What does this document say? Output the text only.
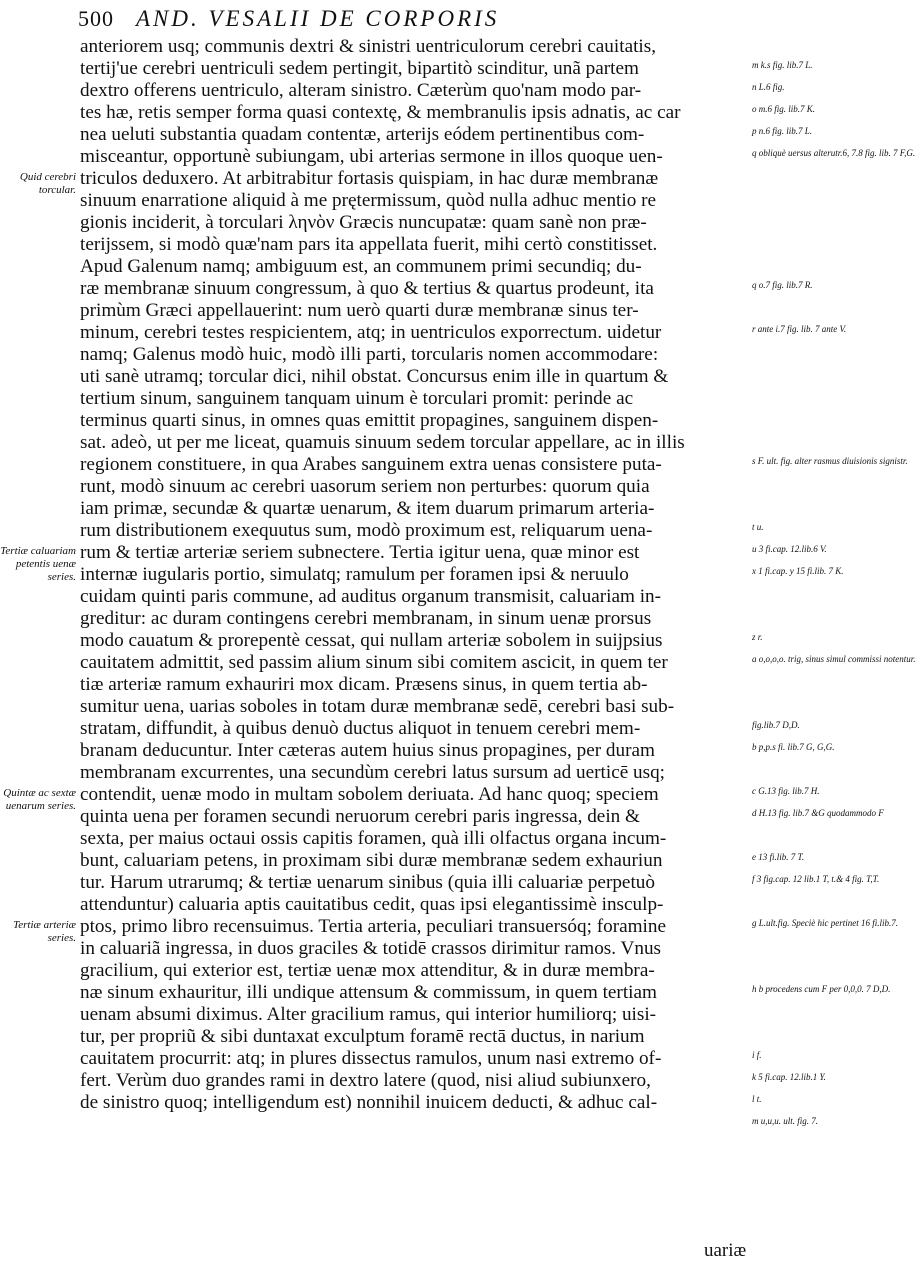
500 AND. VESALII DE CORPORIS
Quid cerebri torcular.
Tertiæ caluariam petentis uenæ series.
Quintæ ac sextæ uenarum series.
Tertiæ arteriæ series.
anteriorem usq; communis dextri & sinistri uentriculorum cerebri cauitatis,
tertij'ue cerebri uentriculi sedem pertingit, bipartitò scinditur, unã partem
dextro offerens uentriculo, alteram sinistro. Cæterùm quo'nam modo par-
tes hæ, retis semper forma quasi contextę, & membranulis ipsis adnatis, ac car
nea ueluti substantia quadam contentæ, arterijs eódem pertinentibus com-
misceantur, opportunè subiungam, ubi arterias sermone in illos quoque uen-
triculos deduxero. At arbitrabitur fortasis quispiam, in hac duræ membranæ
sinuum enarratione aliquid à me prętermissum, quòd nulla adhuc mentio re
gionis inciderit, à torculari ληνὸν Græcis nuncupatæ: quam sanè non præ-
terijssem, si modò quæ'nam pars ita appellata fuerit, mihi certò constitisset.
Apud Galenum namq; ambiguum est, an communem primi secundiq; du-
ræ membranæ sinuum congressum, à quo & tertius & quartus prodeunt, ita
primùm Græci appellauerint: num uerò quarti duræ membranæ sinus ter-
minum, cerebri testes respicientem, atq; in uentriculos exporrectum. uidetur
namq; Galenus modò huic, modò illi parti, torcularis nomen accommodare:
uti sanè utramq; torcular dici, nihil obstat. Concursus enim ille in quartum &
tertium sinum, sanguinem tanquam uinum è torculari promit: perinde ac
terminus quarti sinus, in omnes quas emittit propagines, sanguinem dispen-
sat. adeò, ut per me liceat, quamuis sinuum sedem torcular appellare, ac in illis
regionem constituere, in qua Arabes sanguinem extra uenas consistere puta-
runt, modò sinuum ac cerebri uasorum seriem non perturbes: quorum quia
iam primæ, secundæ & quartæ uenarum, & item duarum primarum arteria-
rum distributionem exequutus sum, modò proximum est, reliquarum uena-
rum & tertiæ arteriæ seriem subnectere. Tertia igitur uena, quæ minor est
internæ iugularis portio, simulatq; ramulum per foramen ipsi & neruulo
cuidam quinti paris commune, ad auditus organum transmisit, caluariam in-
greditur: ac duram contingens cerebri membranam, in sinum uenæ prorsus
modo cauatum & prorepentè cessat, qui nullam arteriæ sobolem in suijpsius
cauitatem admittit, sed passim alium sinum sibi comitem ascicit, in quem ter
tiæ arteriæ ramum exhauriri mox dicam. Præsens sinus, in quem tertia ab-
sumitur uena, uarias soboles in totam duræ membranæ sedē, cerebri basi sub-
stratam, diffundit, à quibus denuò ductus aliquot in tenuem cerebri mem-
branam deducuntur. Inter cæteras autem huius sinus propagines, per duram
membranam excurrentes, una secundùm cerebri latus sursum ad uerticē usq;
contendit, uenæ modo in multam sobolem deriuata. Ad hanc quoq; speciem
quinta uena per foramen secundi neruorum cerebri paris ingressa, dein &
sexta, per maius octaui ossis capitis foramen, quà illi olfactus organa incum-
bunt, caluariam petens, in proximam sibi duræ membranæ sedem exhauriun
tur. Harum utrarumq; & tertiæ uenarum sinibus (quia illi caluariæ perpetuò
attenduntur) caluaria aptis cauitatibus cedit, quas ipsi elegantissimè insculp-
ptos, primo libro recensuimus. Tertia arteria, peculiari transuersóq; foramine
in caluariã ingressa, in duos graciles & totidē crassos dirimitur ramos. Vnus
gracilium, qui exterior est, tertiæ uenæ mox attenditur, & in duræ membra-
næ sinum exhauritur, illi undique attensum & commissum, in quem tertiam
uenam absumi diximus. Alter gracilium ramus, qui interior humiliorq; uisi-
tur, per propriũ & sibi duntaxat exculptum foramē rectā ductus, in narium
cauitatem procurrit: atq; in plures dissectus ramulos, unum nasi extremo of-
fert. Verùm duo grandes rami in dextro latere (quod, nisi aliud subiunxero,
de sinistro quoq; intelligendum est) nonnihil inuicem deducti, & adhuc cal-
m k.s fig. lib.7 L.
n L.6 fig.
o m.6 fig. lib.7 K.
p n.6 fig. lib.7 L.
q obliquè uersus alterutr.6, 7.8 fig. lib. 7 F,G.
q o.7 fig. lib.7 R.
r ante i.7 fig. lib. 7 ante V.
s F. ult. fig. alter rasmus diuisionis signistr.
t u.
u 3 fi.cap. 12.lib.6 V.
x 1 fi.cap. y 15 fi.lib. 7 K.
z r.
a o,o,o,o. trig, sinus simul commissi notentur.
fig.lib.7 D,D.
b p,p.s fi. lib.7 G, G,G.
c G.13 fig. lib.7 H.
d H.13 fig. lib.7 &G quodammodo F
e 13 fi.lib. 7 T.
f 3 fig.cap. 12 lib.1 T, t.& 4 fig. T,T.
g L.ult.fig. Speciè hic pertinet 16 fi.lib.7.
h b procedens cum F per 0,0,0. 7 D,D.
i f.
k 5 fi.cap. 12.lib.1 Y.
l t.
m u,u,u. ult. fig. 7.
uariæ
